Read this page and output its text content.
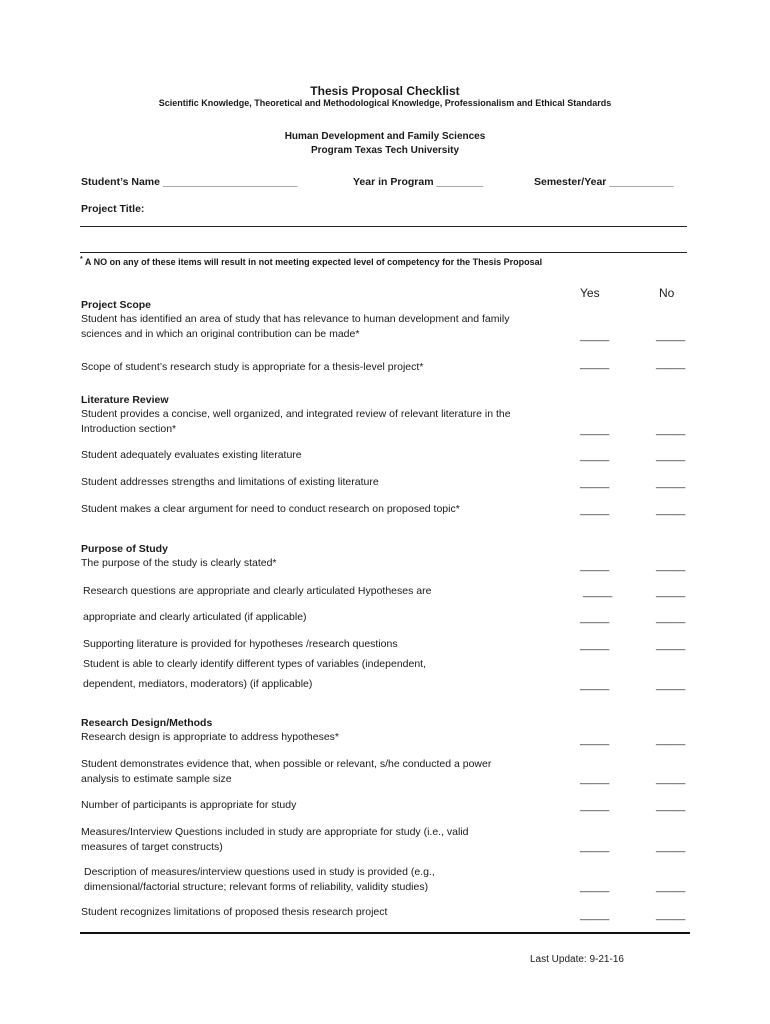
Thesis Proposal Checklist
Scientific Knowledge, Theoretical and Methodological Knowledge, Professionalism and Ethical Standards
Human Development and Family Sciences
Program Texas Tech University
Student’s Name _______________________	Year in Program ________	Semester/Year ___________
Project Title:
* A NO on any of these items will result in not meeting expected level of competency for the Thesis Proposal
Yes	No
Project Scope
Student has identified an area of study that has relevance to human development and family sciences and in which an original contribution can be made*	_____	_____
Scope of student’s research study is appropriate for a thesis-level project*	_____	_____
Literature Review
Student provides a concise, well organized, and integrated review of relevant literature in the Introduction section*	_____	_____
Student adequately evaluates existing literature	_____	_____
Student addresses strengths and limitations of existing literature	_____	_____
Student makes a clear argument for need to conduct research on proposed topic*	_____	_____
Purpose of Study
The purpose of the study is clearly stated*	_____	_____
Research questions are appropriate and clearly articulated Hypotheses are	_____	_____
appropriate and clearly articulated (if applicable)	_____	_____
Supporting literature is provided for hypotheses /research questions	_____	_____
Student is able to clearly identify different types of variables (independent,
dependent, mediators, moderators) (if applicable)	_____	_____
Research Design/Methods
Research design is appropriate to address hypotheses*	_____	_____
Student demonstrates evidence that, when possible or relevant, s/he conducted a power analysis to estimate sample size	_____	_____
Number of participants is appropriate for study	_____	_____
Measures/Interview Questions included in study are appropriate for study (i.e., valid measures of target constructs)	_____	_____
Description of measures/interview questions used in study is provided (e.g., dimensional/factorial structure; relevant forms of reliability, validity studies)	_____	_____
Student recognizes limitations of proposed thesis research project	_____	_____
Last Update: 9-21-16
